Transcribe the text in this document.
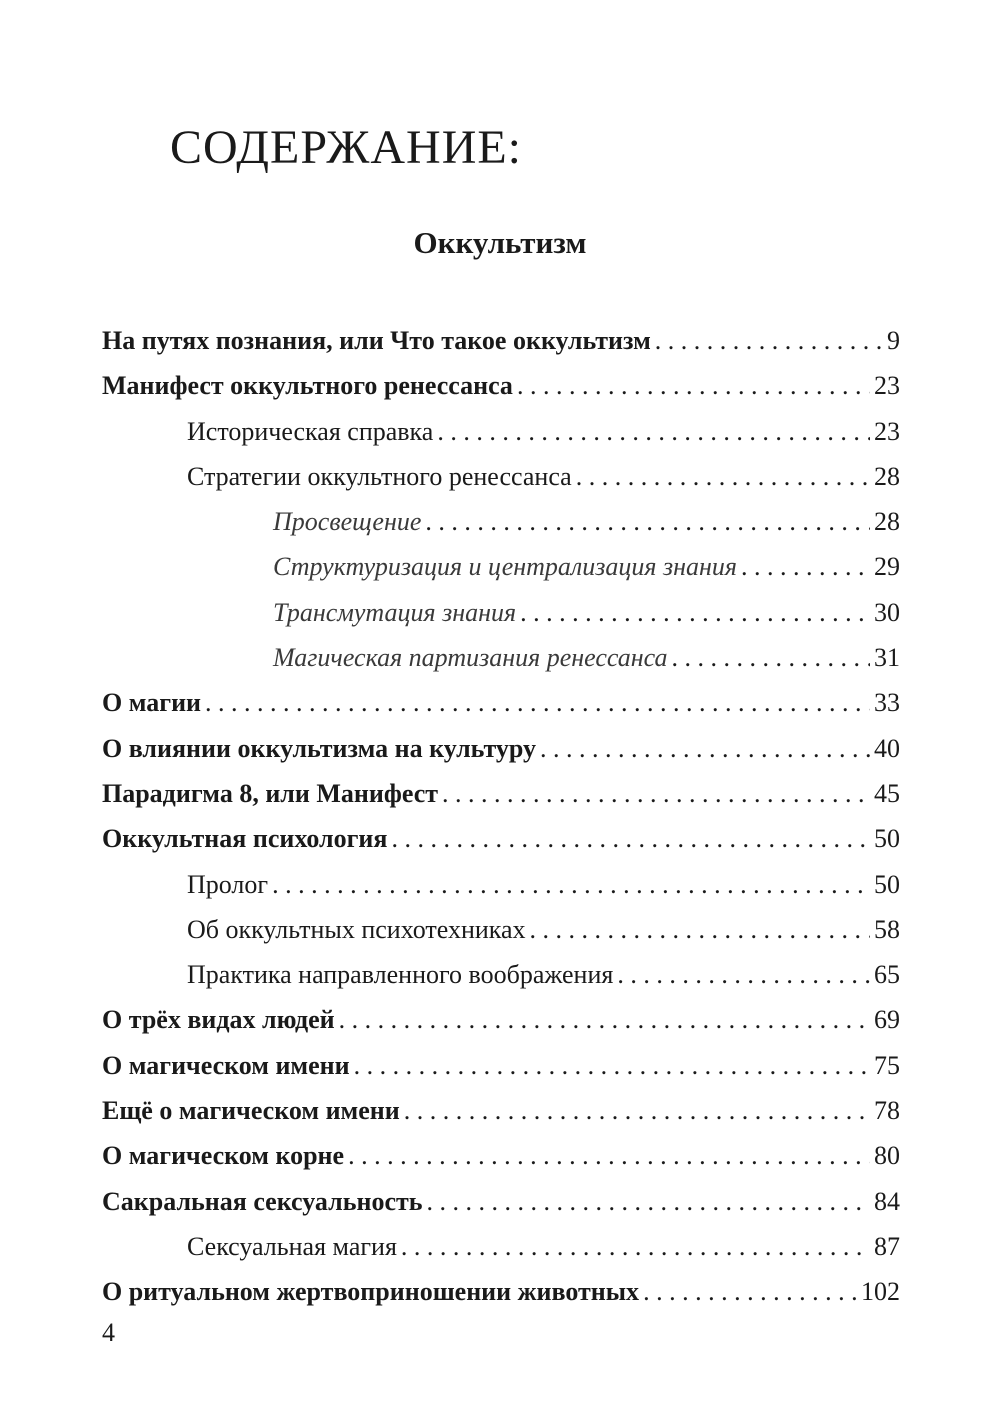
СОДЕРЖАНИЕ:
Оккультизм
На путях познания, или Что такое оккультизм . . .	9
Манифест оккультного ренессанса . . .	23
Историческая справка . . .	23
Стратегии оккультного ренессанса . . .	28
Просвещение . . .	28
Структуризация и централизация знания . . .	29
Трансмутация знания . . .	30
Магическая партизания ренессанса . . .	31
О магии . . .	33
О влиянии оккультизма на культуру . . .	40
Парадигма 8, или Манифест . . .	45
Оккультная психология . . .	50
Пролог . . .	50
Об оккультных психотехниках . . .	58
Практика направленного воображения . . .	65
О трёх видах людей . . .	69
О магическом имени . . .	75
Ещё о магическом имени . . .	78
О магическом корне . . .	80
Сакральная сексуальность . . .	84
Сексуальная магия . . .	87
О ритуальном жертвоприношении животных . . .	102
4
